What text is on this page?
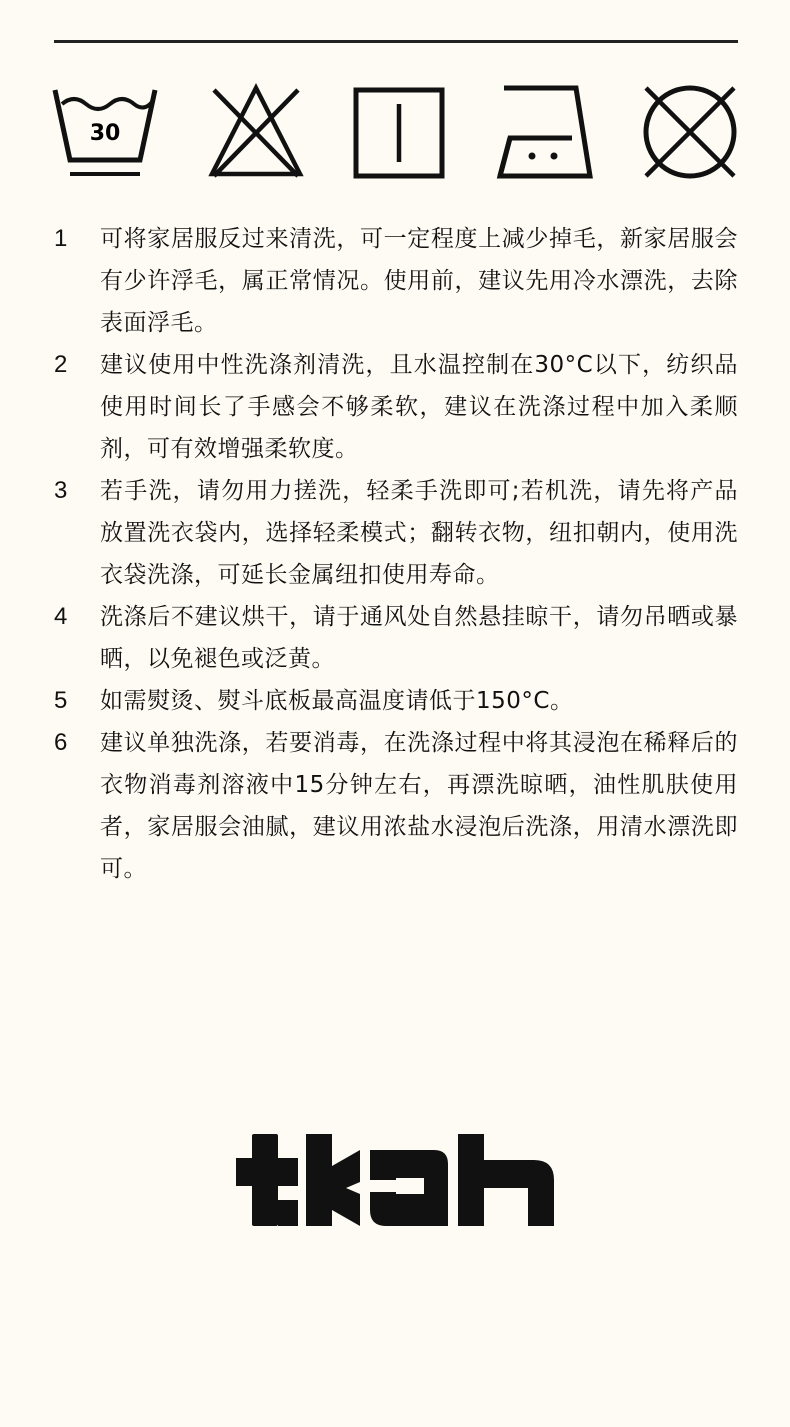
30
1	可将家居服反过来清洗，可一定程度上减少掉毛，新家居服会有少许浮毛，属正常情况。使用前，建议先用冷水漂洗，去除表面浮毛。
2	建议使用中性洗涤剂清洗，且水温控制在30°C以下，纺织品使用时间长了手感会不够柔软，建议在洗涤过程中加入柔顺剂，可有效增强柔软度。
3	若手洗，请勿用力搓洗，轻柔手洗即可;若机洗，请先将产品放置洗衣袋内，选择轻柔模式；翻转衣物，纽扣朝内，使用洗衣袋洗涤，可延长金属纽扣使用寿命。
4	洗涤后不建议烘干，请于通风处自然悬挂晾干，请勿吊晒或暴晒，以免褪色或泛黄。
5	如需熨烫、熨斗底板最高温度请低于150°C。
6	建议单独洗涤，若要消毒，在洗涤过程中将其浸泡在稀释后的衣物消毒剂溶液中15分钟左右，再漂洗晾晒，油性肌肤使用者，家居服会油腻，建议用浓盐水浸泡后洗涤，用清水漂洗即可。
